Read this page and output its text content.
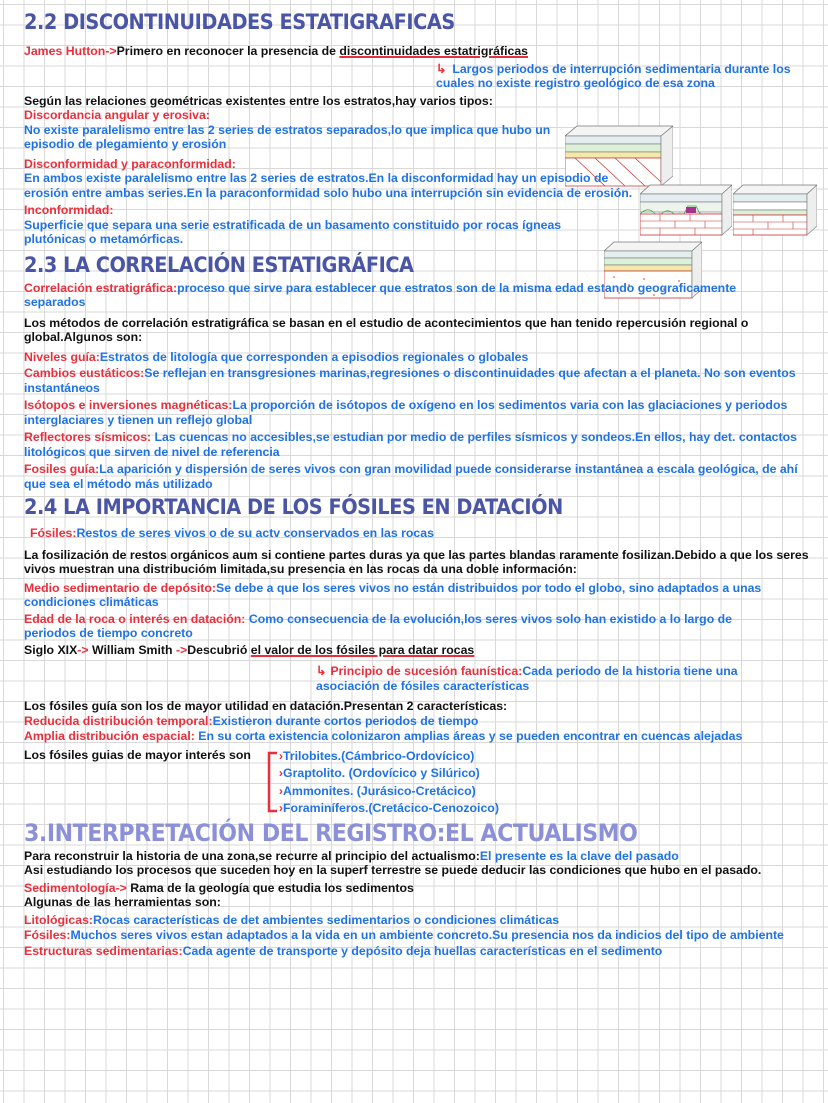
2.2 DISCONTINUIDADES ESTATIGRAFICAS
James Hutton->Primero en reconocer la presencia de discontinuidades estatrigráficas
↳ Largos periodos de interrupción sedimentaria durante los cuales no existe registro geológico de esa zona
Según las relaciones geométricas existentes entre los estratos,hay varios tipos:
Discordancia angular y erosiva:
No existe paralelismo entre las 2 series de estratos separados,lo que implica que hubo un episodio de plegamiento y erosión
Disconformidad y paraconformidad:
En ambos existe paralelismo entre las 2 series de estratos.En la disconformidad hay un episodio de erosión entre ambas series.En la paraconformidad solo hubo una interrupción sin evidencia de erosión.
Inconformidad:
Superficie que separa una serie estratificada de un basamento constituido por rocas ígneas plutónicas o metamórficas.
2.3 LA CORRELACIÓN ESTATIGRÁFICA
Correlación estratigráfica:proceso que sirve para establecer que estratos son de la misma edad estando geograficamente separados
Los métodos de correlación estratigráfica se basan en el estudio de acontecimientos que han tenido repercusión regional o global.Algunos son:
Niveles guía:Estratos de litología que corresponden a episodios regionales o globales
Cambios eustáticos:Se reflejan en transgresiones marinas,regresiones o discontinuidades que afectan a el planeta. No son eventos instantáneos
Isótopos e inversiones magnéticas:La proporción de isótopos de oxígeno en los sedimentos varia con las glaciaciones y periodos interglaciares y tienen un reflejo global
Reflectores sísmicos: Las cuencas no accesibles,se estudian por medio de perfiles sísmicos y sondeos.En ellos, hay det. contactos litológicos que sirven de nivel de referencia
Fosiles guía:La aparición y dispersión de seres vivos con gran movilidad puede considerarse instantánea a escala geológica, de ahí que sea el método más utilizado
2.4 LA IMPORTANCIA DE LOS FÓSILES EN DATACIÓN
Fósiles:Restos de seres vivos o de su actv conservados en las rocas
La fosilización de restos orgánicos aum si contiene partes duras ya que las partes blandas raramente fosilizan.Debido a que los seres vivos muestran una distribucióm limitada,su presencia en las rocas da una doble información:
Medio sedimentario de depósito:Se debe a que los seres vivos no están distribuidos por todo el globo, sino adaptados a unas condiciones climáticas
Edad de la roca o interés en datación: Como consecuencia de la evolución,los seres vivos solo han existido a lo largo de periodos de tiempo concreto
Siglo XIX-> William Smith ->Descubrió el valor de los fósiles para datar rocas
↳ Principio de sucesión faunística:Cada periodo de la historia tiene una asociación de fósiles características
Los fósiles guía son los de mayor utilidad en datación.Presentan 2 características:
Reducida distribución temporal:Existieron durante cortos periodos de tiempo
Amplia distribución espacial: En su corta existencia colonizaron amplias áreas y se pueden encontrar en cuencas alejadas
Los fósiles guias de mayor interés son ›Trilobites.(Cámbrico-Ordovícico)
›Graptolito. (Ordovícico y Silúrico)
›Ammonites. (Jurásico-Cretácico)
›Foraminíferos.(Cretácico-Cenozoico)
3.INTERPRETACIÓN DEL REGISTRO:EL ACTUALISMO
Para reconstruir la historia de una zona,se recurre al principio del actualismo:El presente es la clave del pasado
Asi estudiando los procesos que suceden hoy en la superf terrestre se puede deducir las condiciones que hubo en el pasado.
Sedimentología-> Rama de la geología que estudia los sedimentos
Algunas de las herramientas son:
Litológicas:Rocas características de det ambientes sedimentarios o condiciones climáticas
Fósiles:Muchos seres vivos estan adaptados a la vida en un ambiente concreto.Su presencia nos da indicios del tipo de ambiente
Estructuras sedimentarias:Cada agente de transporte y depósito deja huellas características en el sedimento
